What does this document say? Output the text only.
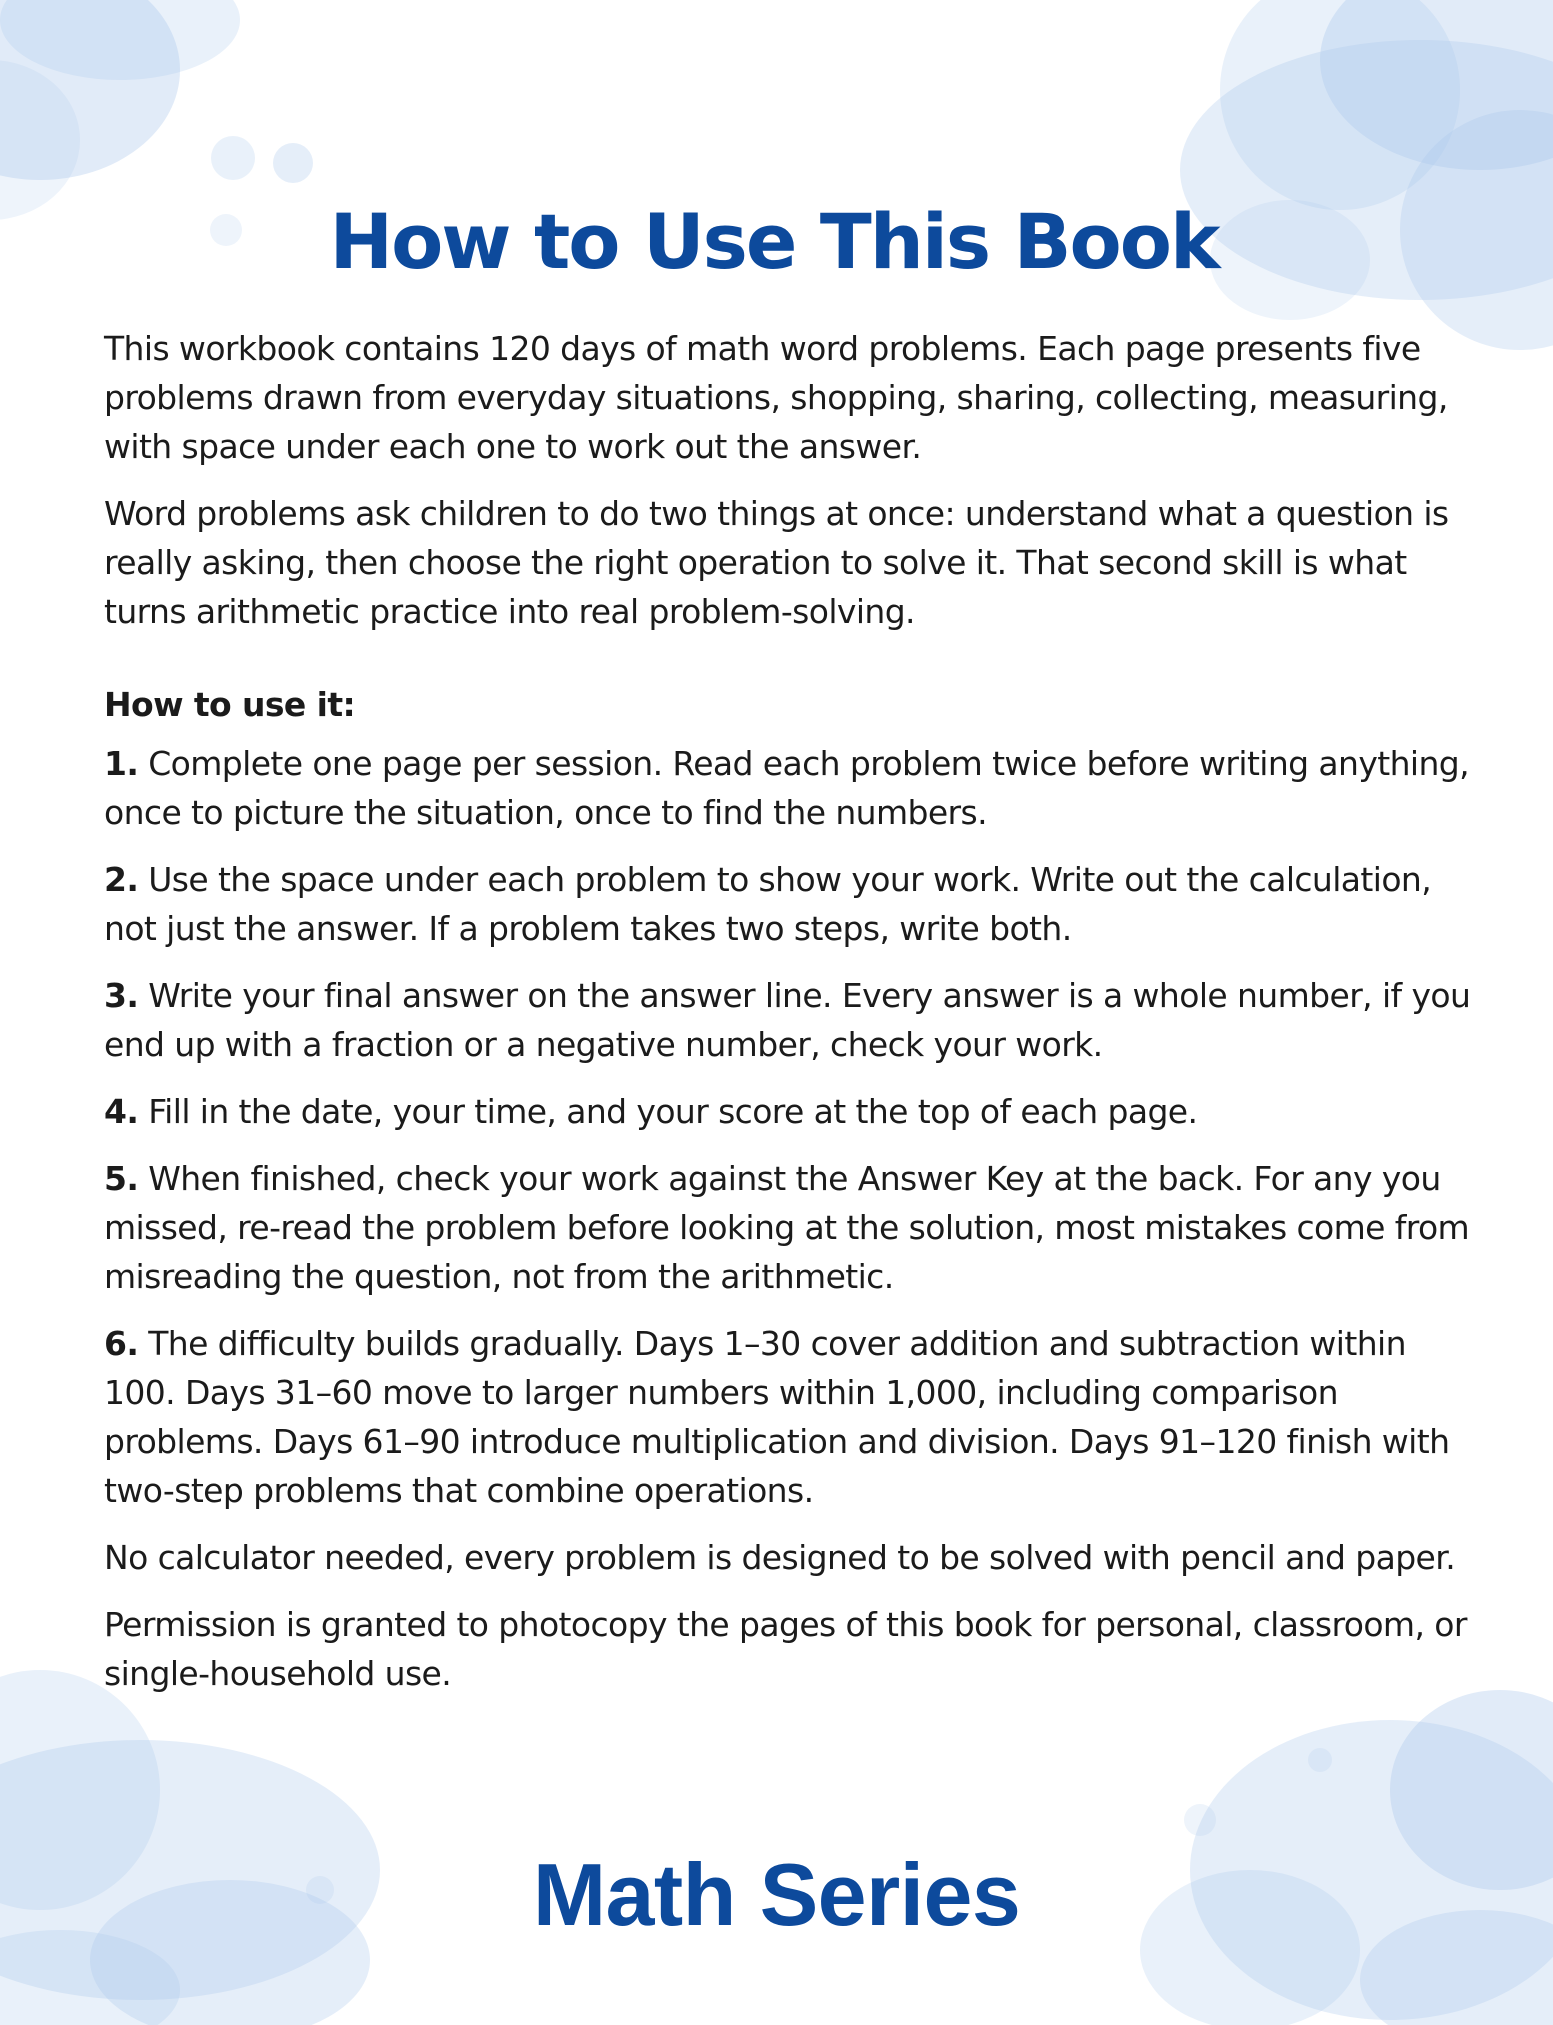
How to Use This Book

This workbook contains 120 days of math word problems. Each page presents five problems drawn from everyday situations, shopping, sharing, collecting, measuring, with space under each one to work out the answer.

Word problems ask children to do two things at once: understand what a question is really asking, then choose the right operation to solve it. That second skill is what turns arithmetic practice into real problem-solving.

How to use it:

1. Complete one page per session. Read each problem twice before writing anything, once to picture the situation, once to find the numbers.

2. Use the space under each problem to show your work. Write out the calculation, not just the answer. If a problem takes two steps, write both.

3. Write your final answer on the answer line. Every answer is a whole number, if you end up with a fraction or a negative number, check your work.

4. Fill in the date, your time, and your score at the top of each page.

5. When finished, check your work against the Answer Key at the back. For any you missed, re-read the problem before looking at the solution, most mistakes come from misreading the question, not from the arithmetic.

6. The difficulty builds gradually. Days 1–30 cover addition and subtraction within 100. Days 31–60 move to larger numbers within 1,000, including comparison problems. Days 61–90 introduce multiplication and division. Days 91–120 finish with two-step problems that combine operations.

No calculator needed, every problem is designed to be solved with pencil and paper.

Permission is granted to photocopy the pages of this book for personal, classroom, or single-household use.

Math Series
